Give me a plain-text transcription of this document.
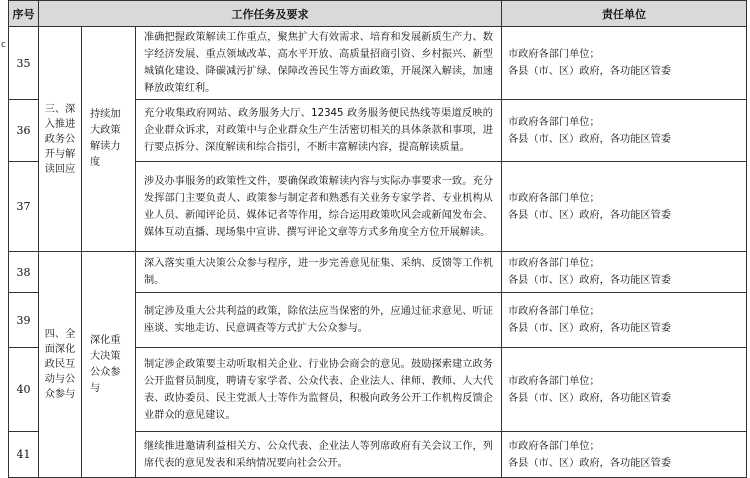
c
序号	工作任务及要求			责任单位
35	三、深入推进政务公开与解读回应	持续加大政策解读力度	准确把握政策解读工作重点，聚焦扩大有效需求、培育和发展新质生产力、数字经济发展、重点领域改革、高水平开放、高质量招商引资、乡村振兴、新型城镇化建设、降碳减污扩绿、保障改善民生等方面政策，开展深入解读，加速释放政策红利。	市政府各部门单位；
各县（市、区）政府，各功能区管委

36			充分收集政府网站、政务服务大厅、12345 政务服务便民热线等渠道反映的企业群众诉求，对政策中与企业群众生产生活密切相关的具体条款和事项，进行要点拆分、深度解读和综合指引，不断丰富解读内容，提高解读质量。	市政府各部门单位；
各县（市、区）政府，各功能区管委

37			涉及办事服务的政策性文件，要确保政策解读内容与实际办事要求一致。充分发挥部门主要负责人、政策参与制定者和熟悉有关业务专家学者、专业机构从业人员、新闻评论员、媒体记者等作用，综合运用政策吹风会或新闻发布会、媒体互动直播、现场集中宣讲、撰写评论文章等方式多角度全方位开展解读。	市政府各部门单位；
各县（市、区）政府，各功能区管委

38	四、全面深化政民互动与公众参与	深化重大决策公众参与	深入落实重大决策公众参与程序，进一步完善意见征集、采纳、反馈等工作机制。	市政府各部门单位；
各县（市、区）政府，各功能区管委

39			制定涉及重大公共利益的政策，除依法应当保密的外，应通过征求意见、听证座谈、实地走访、民意调查等方式扩大公众参与。	市政府各部门单位；
各县（市、区）政府，各功能区管委

40			制定涉企政策要主动听取相关企业、行业协会商会的意见。鼓励探索建立政务公开监督员制度，聘请专家学者、公众代表、企业法人、律师、教师、人大代表、政协委员、民主党派人士等作为监督员，积极向政务公开工作机构反馈企业群众的意见建议。	市政府各部门单位；
各县（市、区）政府，各功能区管委

41			继续推进邀请利益相关方、公众代表、企业法人等列席政府有关会议工作，列席代表的意见发表和采纳情况要向社会公开。	市政府各部门单位；
各县（市、区）政府，各功能区管委
